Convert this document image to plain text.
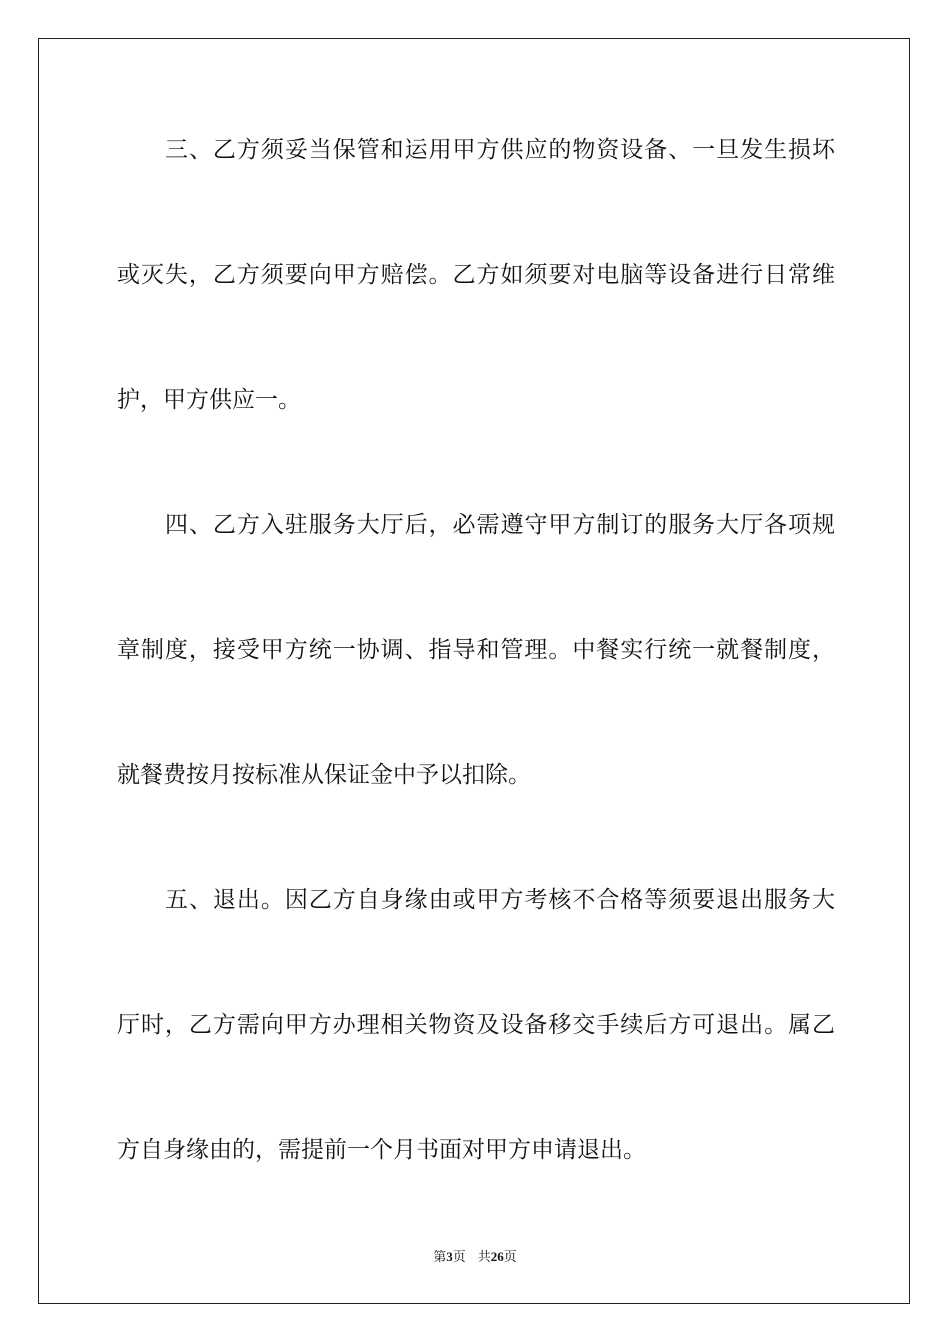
三、乙方须妥当保管和运用甲方供应的物资设备、一旦发生损坏

或灭失，乙方须要向甲方赔偿。乙方如须要对电脑等设备进行日常维

护，甲方供应一。

四、乙方入驻服务大厅后，必需遵守甲方制订的服务大厅各项规

章制度，接受甲方统一协调、指导和管理。中餐实行统一就餐制度，

就餐费按月按标准从保证金中予以扣除。

五、退出。因乙方自身缘由或甲方考核不合格等须要退出服务大

厅时，乙方需向甲方办理相关物资及设备移交手续后方可退出。属乙

方自身缘由的，需提前一个月书面对甲方申请退出。

第3页 共26页
